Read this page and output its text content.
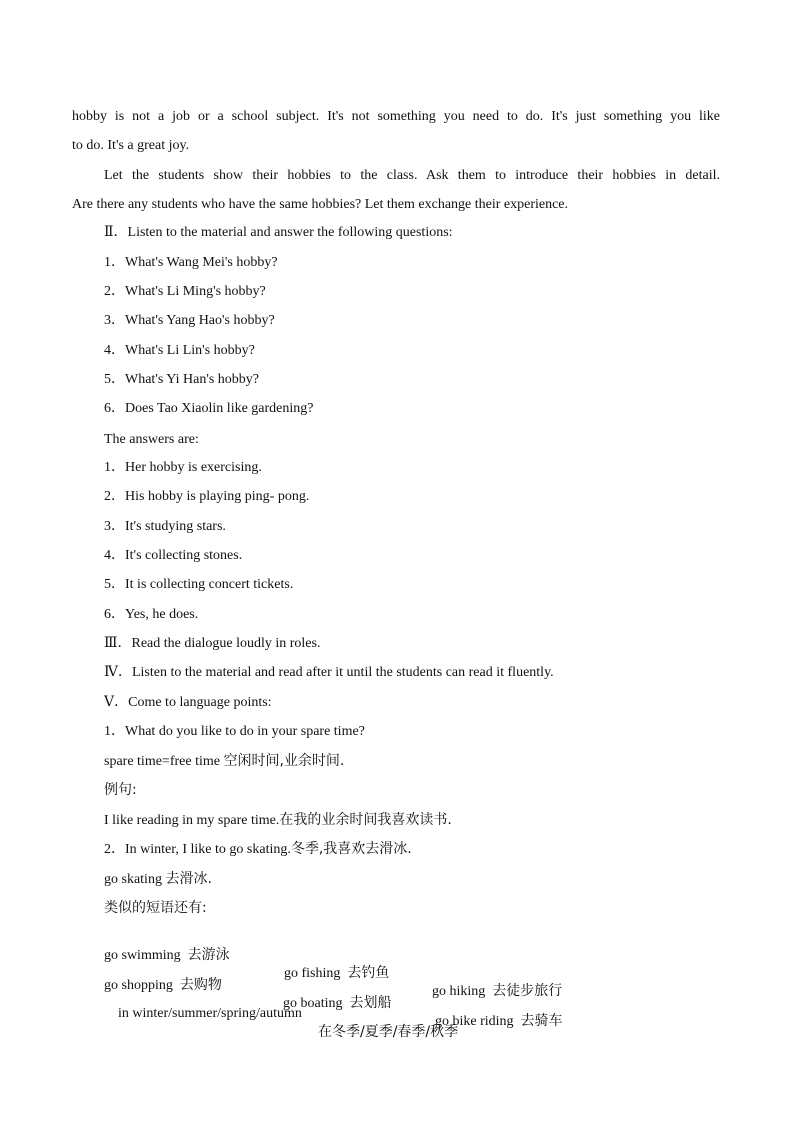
hobby is not a job or a school subject. It's not something you need to do. It's just something you like
to do. It's a great joy.
Let the students show their hobbies to the class. Ask them to introduce their hobbies in detail.
Are there any students who have the same hobbies? Let them exchange their experience.
Ⅱ．Listen to the material and answer the following questions:
1．What's Wang Mei's hobby?
2．What's Li Ming's hobby?
3．What's Yang Hao's hobby?
4．What's Li Lin's hobby?
5．What's Yi Han's hobby?
6．Does Tao Xiaolin like gardening?
The answers are:
1．Her hobby is exercising.
2．His hobby is playing ping- pong.
3．It's studying stars.
4．It's collecting stones.
5．It is collecting concert tickets.
6．Yes, he does.
Ⅲ．Read the dialogue loudly in roles.
Ⅳ．Listen to the material and read after it until the students can read it fluently.
Ⅴ．Come to language points:
1．What do you like to do in your spare time?
spare time=free time 空闲时间,业余时间.
例句:
I like reading in my spare time.在我的业余时间我喜欢读书.
2．In winter, I like to go skating.冬季,我喜欢去滑冰.
go skating 去滑冰.
类似的短语还有:

go swimming 去游泳

go fishing 去钓鱼

go hiking 去徒步旅行

go shopping 去购物

go boating 去划船

go bike riding 去骑车

in winter/summer/spring/autumn

在冬季/夏季/春季/秋季
